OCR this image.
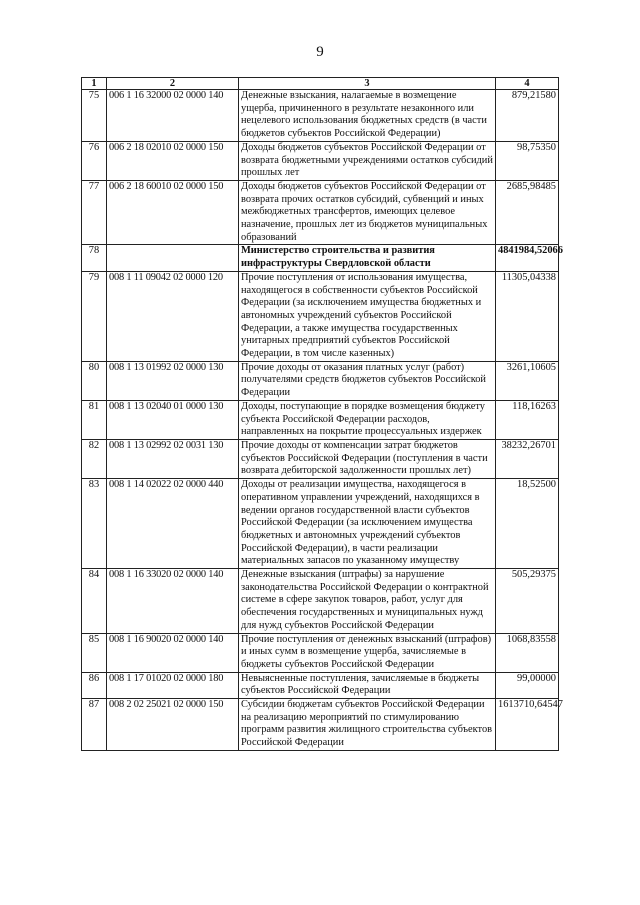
9
1	2	3	4
75	006 1 16 32000 02 0000 140	Денежные взыскания, налагаемые в возмещение ущерба, причиненного в результате незаконного или нецелевого использования бюджетных средств (в части бюджетов субъектов Российской Федерации)	879,21580
76	006 2 18 02010 02 0000 150	Доходы бюджетов субъектов Российской Федерации от возврата бюджетными учреждениями остатков субсидий прошлых лет	98,75350
77	006 2 18 60010 02 0000 150	Доходы бюджетов субъектов Российской Федерации от возврата прочих остатков субсидий, субвенций и иных межбюджетных трансфертов, имеющих целевое назначение, прошлых лет из бюджетов муниципальных образований	2685,98485
78		Министерство строительства и развития инфраструктуры Свердловской области	4841984,52066
79	008 1 11 09042 02 0000 120	Прочие поступления от использования имущества, находящегося в собственности субъектов Российской Федерации (за исключением имущества бюджетных и автономных учреждений субъектов Российской Федерации, а также имущества государственных унитарных предприятий субъектов Российской Федерации, в том числе казенных)	11305,04338
80	008 1 13 01992 02 0000 130	Прочие доходы от оказания платных услуг (работ) получателями средств бюджетов субъектов Российской Федерации	3261,10605
81	008 1 13 02040 01 0000 130	Доходы, поступающие в порядке возмещения бюджету субъекта Российской Федерации расходов, направленных на покрытие процессуальных издержек	118,16263
82	008 1 13 02992 02 0031 130	Прочие доходы от компенсации затрат бюджетов субъектов Российской Федерации (поступления в части возврата дебиторской задолженности прошлых лет)	38232,26701
83	008 1 14 02022 02 0000 440	Доходы от реализации имущества, находящегося в оперативном управлении учреждений, находящихся в ведении органов государственной власти субъектов Российской Федерации (за исключением имущества бюджетных и автономных учреждений субъектов Российской Федерации), в части реализации материальных запасов по указанному имуществу	18,52500
84	008 1 16 33020 02 0000 140	Денежные взыскания (штрафы) за нарушение законодательства Российской Федерации о контрактной системе в сфере закупок товаров, работ, услуг для обеспечения государственных и муниципальных нужд для нужд субъектов Российской Федерации	505,29375
85	008 1 16 90020 02 0000 140	Прочие поступления от денежных взысканий (штрафов) и иных сумм в возмещение ущерба, зачисляемые в бюджеты субъектов Российской Федерации	1068,83558
86	008 1 17 01020 02 0000 180	Невыясненные поступления, зачисляемые в бюджеты субъектов Российской Федерации	99,00000
87	008 2 02 25021 02 0000 150	Субсидии бюджетам субъектов Российской Федерации на реализацию мероприятий по стимулированию программ развития жилищного строительства субъектов Российской Федерации	1613710,64547
